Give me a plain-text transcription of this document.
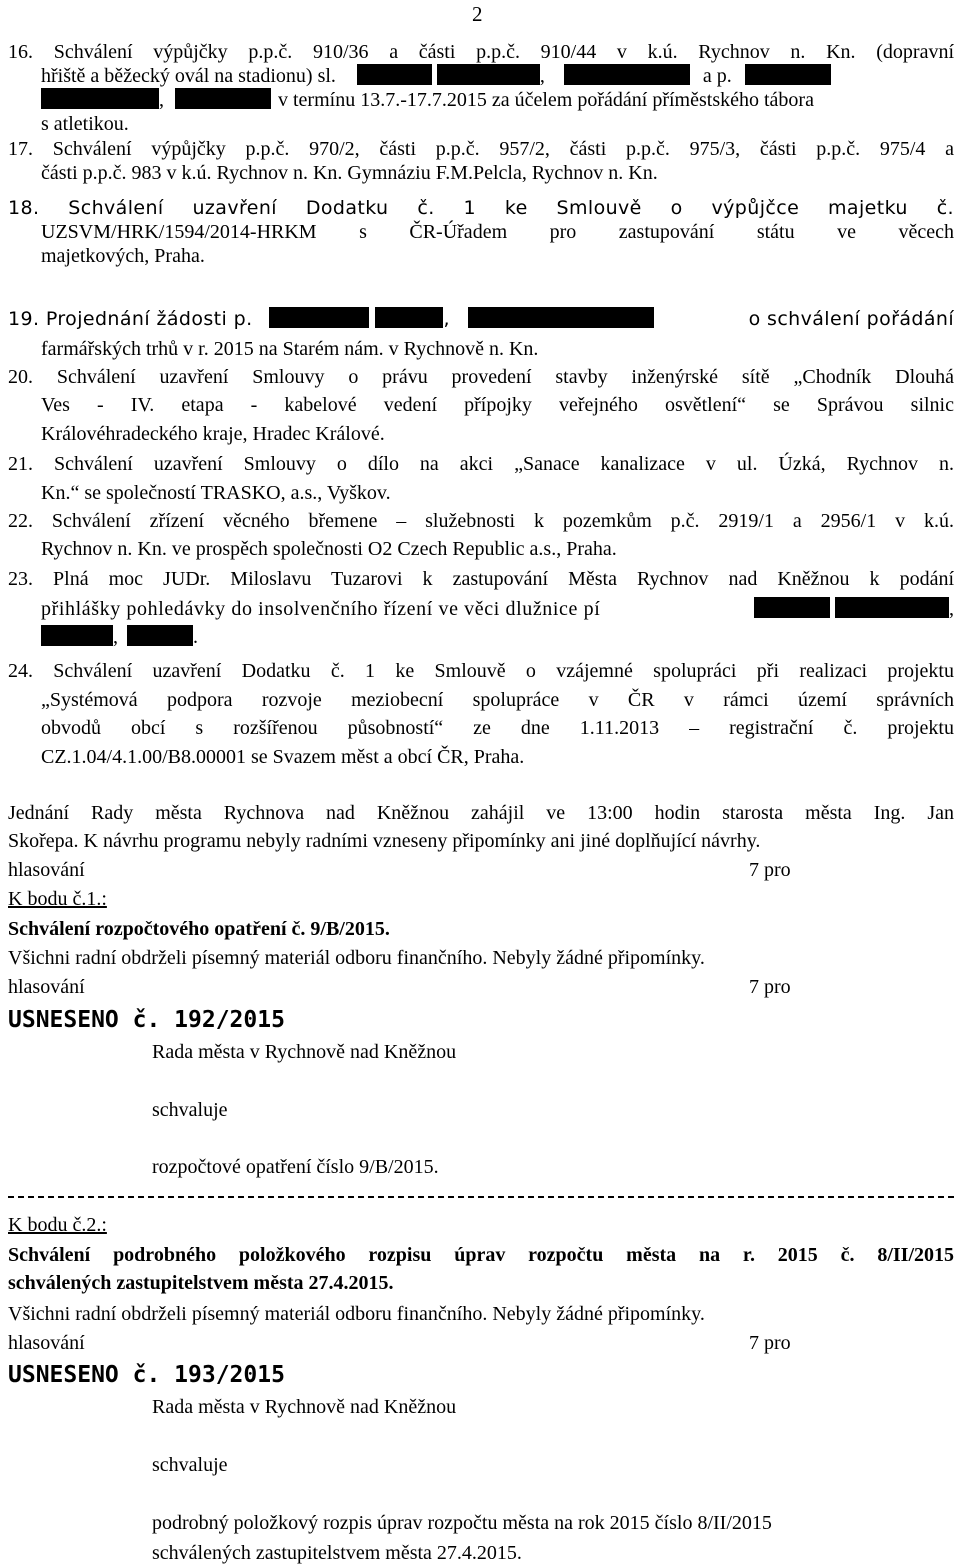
2
16. Schválení výpůjčky p.p.č. 910/36 a části p.p.č. 910/44 v k.ú. Rychnov n. Kn. (dopravní
hřiště a běžecký ovál na stadionu) sl.	,	a p.
,	v termínu 13.7.-17.7.2015 za účelem pořádání příměstského tábora
s atletikou.
17. Schválení výpůjčky p.p.č. 970/2, části p.p.č. 957/2, části p.p.č. 975/3, části p.p.č. 975/4 a
části p.p.č. 983 v k.ú. Rychnov n. Kn. Gymnáziu F.M.Pelcla, Rychnov n. Kn.
18. Schválení uzavření Dodatku č. 1 ke Smlouvě o výpůjčce majetku č.
UZSVM/HRK/1594/2014-HRKM s ČR-Úřadem pro zastupování státu ve věcech
majetkových, Praha.
19. Projednání žádosti p.	,	o schválení pořádání
farmářských trhů v r. 2015 na Starém nám. v Rychnově n. Kn.
20. Schválení uzavření Smlouvy o právu provedení stavby inženýrské sítě „Chodník Dlouhá
Ves - IV. etapa - kabelové vedení přípojky veřejného osvětlení“ se Správou silnic
Královéhradeckého kraje, Hradec Králové.
21. Schválení uzavření Smlouvy o dílo na akci „Sanace kanalizace v ul. Úzká, Rychnov n.
Kn.“ se společností TRASKO, a.s., Vyškov.
22. Schválení zřízení věcného břemene – služebnosti k pozemkům p.č. 2919/1 a 2956/1 v k.ú.
Rychnov n. Kn. ve prospěch společnosti O2 Czech Republic a.s., Praha.
23. Plná moc JUDr. Miloslavu Tuzarovi k zastupování Města Rychnov nad Kněžnou k podání
přihlášky pohledávky do insolvenčního řízení ve věci dlužnice pí	,
,	.
24. Schválení uzavření Dodatku č. 1 ke Smlouvě o vzájemné spolupráci při realizaci projektu
„Systémová podpora rozvoje meziobecní spolupráce v ČR v rámci území správních
obvodů obcí s rozšířenou působností“ ze dne 1.11.2013 – registrační č. projektu
CZ.1.04/4.1.00/B8.00001 se Svazem měst a obcí ČR, Praha.
Jednání Rady města Rychnova nad Kněžnou zahájil ve 13:00 hodin starosta města Ing. Jan
Skořepa. K návrhu programu nebyly radními vzneseny připomínky ani jiné doplňující návrhy.
hlasování	7 pro
K bodu č.1.:
Schválení rozpočtového opatření č. 9/B/2015.
Všichni radní obdrželi písemný materiál odboru finančního. Nebyly žádné připomínky.
hlasování	7 pro
USNESENO č. 192/2015
Rada města v Rychnově nad Kněžnou
schvaluje
rozpočtové opatření číslo 9/B/2015.
K bodu č.2.:
Schválení podrobného položkového rozpisu úprav rozpočtu města na r. 2015 č. 8/II/2015
schválených zastupitelstvem města 27.4.2015.
Všichni radní obdrželi písemný materiál odboru finančního. Nebyly žádné připomínky.
hlasování	7 pro
USNESENO č. 193/2015
Rada města v Rychnově nad Kněžnou
schvaluje
podrobný položkový rozpis úprav rozpočtu města na rok 2015 číslo 8/II/2015
schválených zastupitelstvem města 27.4.2015.
